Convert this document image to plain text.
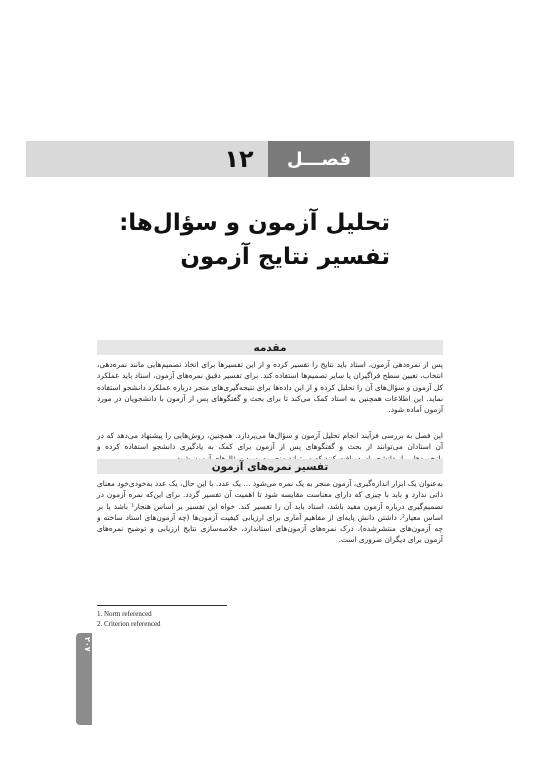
۱۲	فصـــل
تحلیل آزمون و سؤال‌ها:
تفسیر نتایج آزمون
مقدمه
پس از نمره‌دهی آزمون، استاد باید نتایج را تفسیر کرده و از این تفسیرها برای اتخاذ تصمیم‌هایی مانند نمره‌دهی، انتخاب، تعیین سطح فراگیران یا سایر تصمیم‌ها استفاده کند. برای تفسیر دقیق نمره‌های آزمون، استاد باید عملکرد کل آزمون و سؤال‌های آن را تحلیل کرده و از این داده‌ها برای نتیجه‌گیری‌های منجر درباره عملکرد دانشجو استفاده نماید. این اطلاعات همچنین به استاد کمک می‌کند تا برای بحث و گفتگوهای پس از آزمون با دانشجویان در مورد آزمون آماده شود.
این فصل به بررسی فرآیند انجام تحلیل آزمون و سؤال‌ها می‌پردازد. همچنین، روش‌هایی را پیشنهاد می‌دهد که در آن استادان می‌توانند از بحث و گفتگوهای پس از آزمون برای کمک به یادگیری دانشجو استفاده کرده و
تفسیر نمره‌های آزمون
به‌عنوان یک ابزار اندازه‌گیری، آزمون منجر به یک نمره می‌شود ... یک عدد. با این حال، یک عدد به‌خودی‌خود معنای ذاتی ندارد و باید با چیزی که دارای معناست مقایسه شود تا اهمیت آن تفسیر گردد. برای این‌که نمره آزمون در تصمیم‌گیری درباره آزمون مفید باشد، استاد باید آن را تفسیر کند. خواه این تفسیر بر اساس هنجار¹ باشد یا بر اساس معیار²، داشتن دانش پایه‌ای از مفاهیم آماری برای ارزیابی کیفیت آزمون‌ها (چه آزمون‌های استاد ساخته و چه آزمون‌های منتشرشده)، درک نمره‌های آزمون‌های استاندارد، خلاصه‌سازی نتایج ارزیابی و توضیح نمره‌های آزمون برای دیگران ضروری است.
1. Norm referenced
2. Criterion referenced
۲۰۷
